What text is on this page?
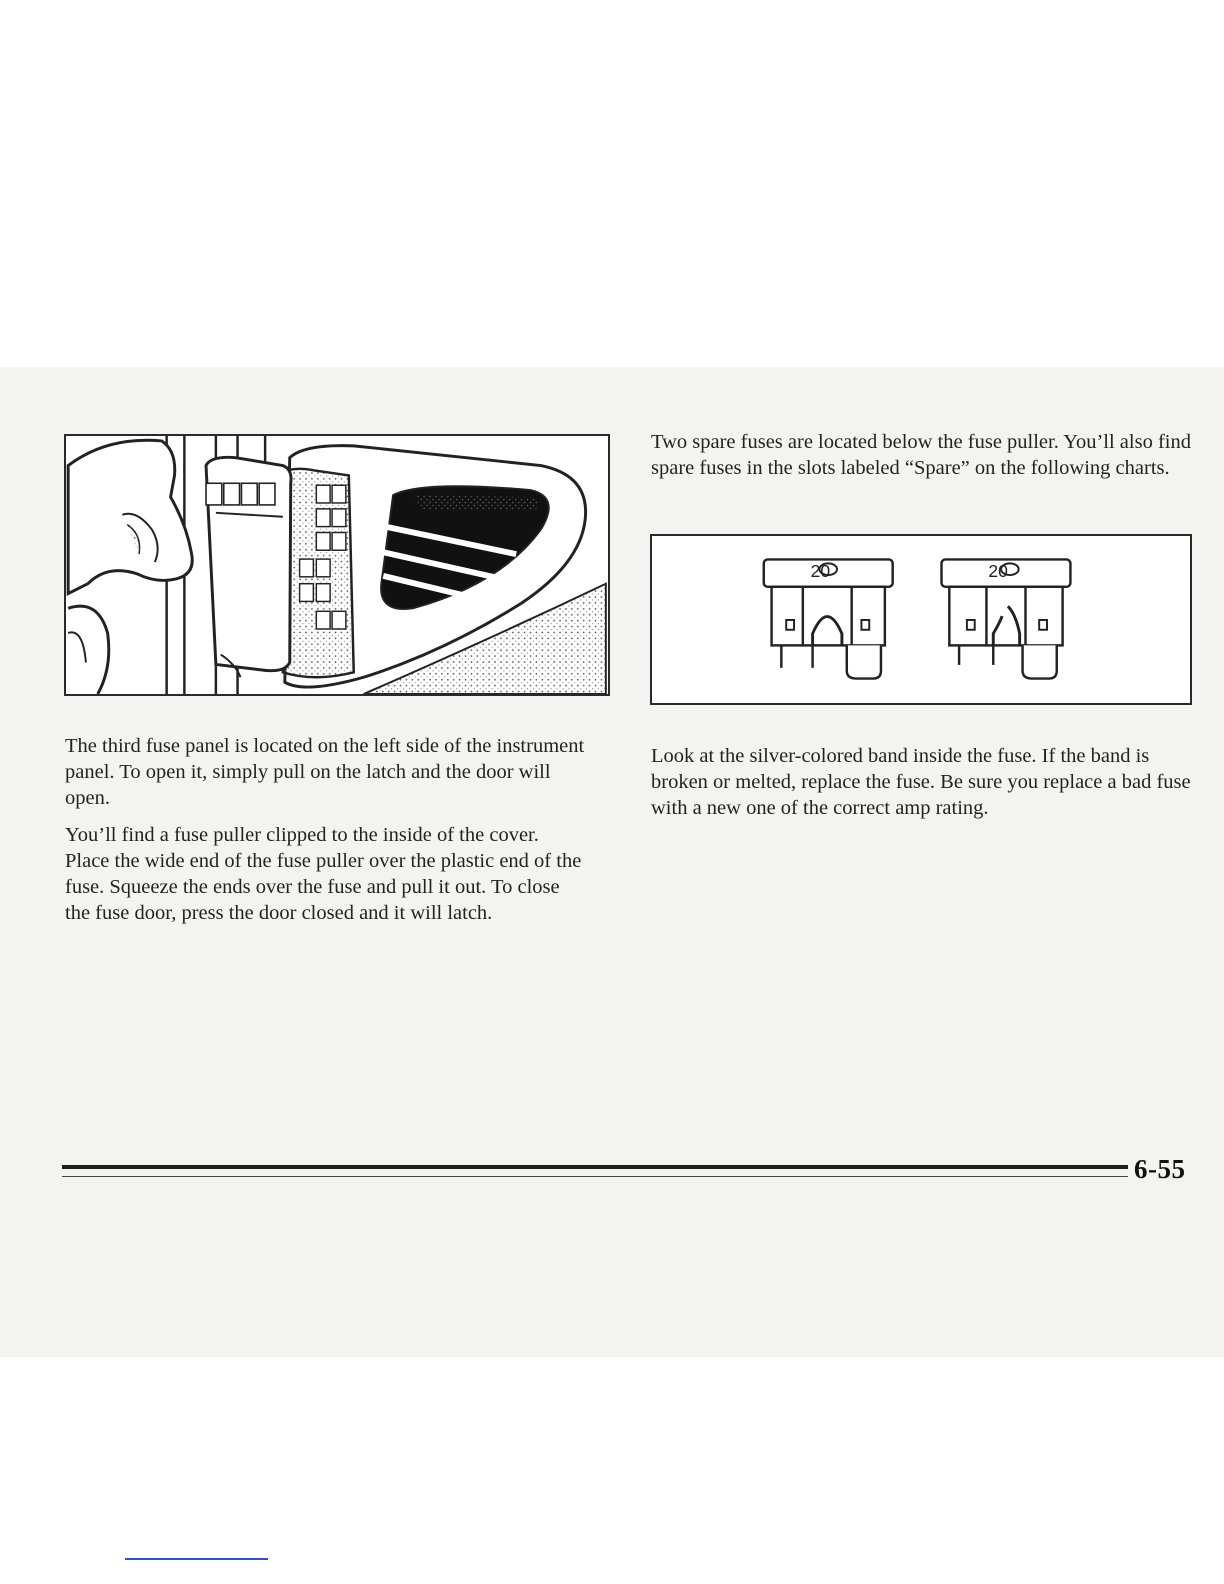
The third fuse panel is located on the left side of the instrument panel. To open it, simply pull on the latch and the door will open.
You’ll find a fuse puller clipped to the inside of the cover. Place the wide end of the fuse puller over the plastic end of the fuse. Squeeze the ends over the fuse and pull it out. To close the fuse door, press the door closed and it will latch.
Two spare fuses are located below the fuse puller. You’ll also find spare fuses in the slots labeled “Spare” on the following charts.
20	20
Look at the silver-colored band inside the fuse. If the band is broken or melted, replace the fuse. Be sure you replace a bad fuse with a new one of the correct amp rating.
6-55
